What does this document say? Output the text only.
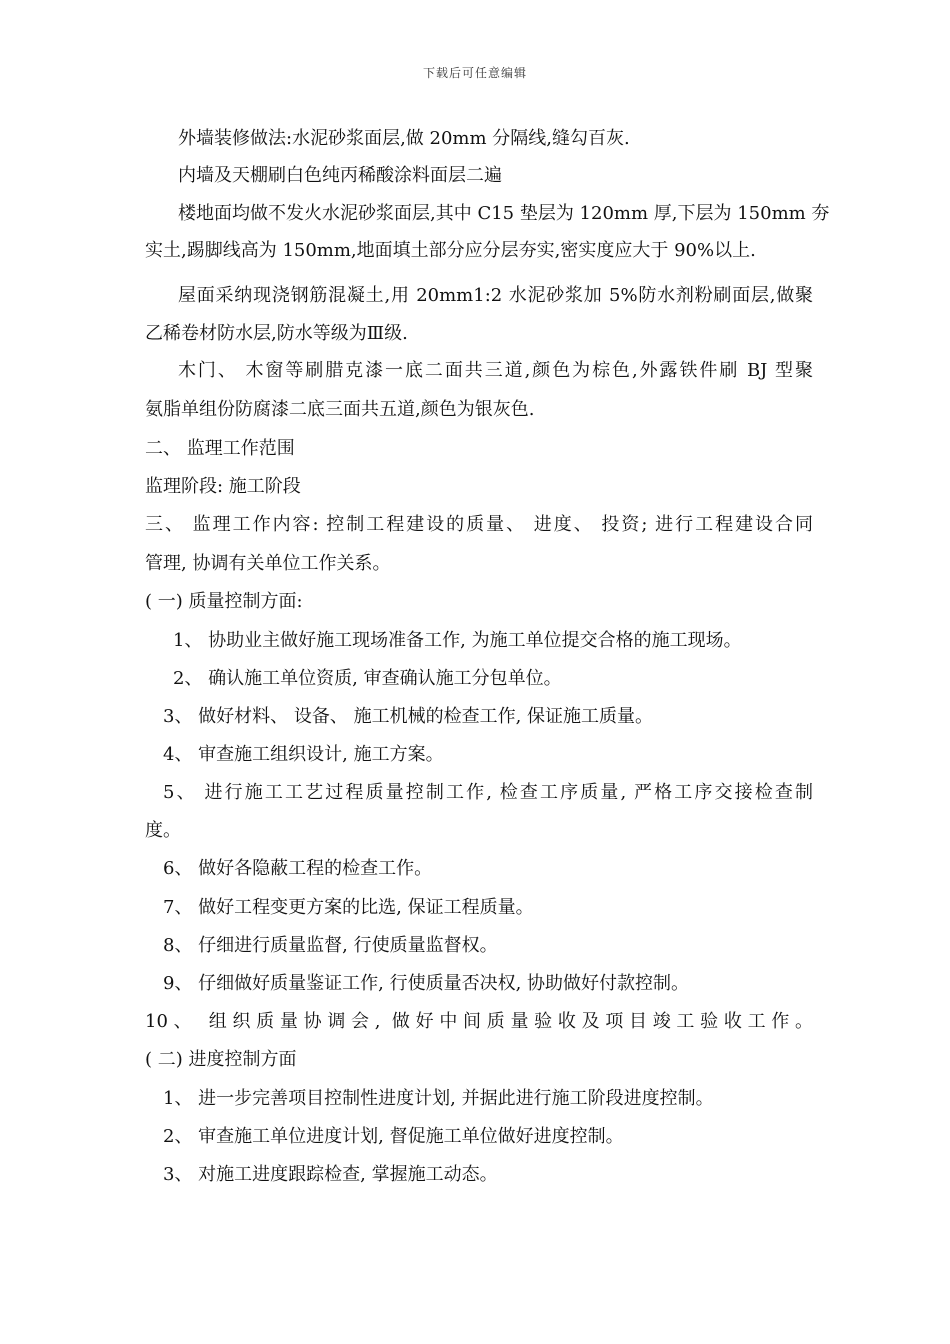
下载后可任意编辑
外墙装修做法:水泥砂浆面层,做 20mm 分隔线,缝勾百灰.
内墙及天棚刷白色纯丙稀酸涂料面层二遍
楼地面均做不发火水泥砂浆面层,其中 C15 垫层为 120mm 厚,下层为 150mm 夯
实土,踢脚线高为 150mm,地面填土部分应分层夯实,密实度应大于 90%以上.
屋面采纳现浇钢筋混凝土,用 20mm1:2 水泥砂浆加 5%防水剂粉刷面层,做聚
乙稀卷材防水层,防水等级为Ⅲ级.
木门、 木窗等刷腊克漆一底二面共三道,颜色为棕色,外露铁件刷 BJ 型聚
氨脂单组份防腐漆二底三面共五道,颜色为银灰色.
二、 监理工作范围
监理阶段: 施工阶段
三、 监理工作内容: 控制工程建设的质量、 进度、 投资; 进行工程建设合同
管理, 协调有关单位工作关系。
( 一) 质量控制方面:
1、 协助业主做好施工现场准备工作, 为施工单位提交合格的施工现场。
2、 确认施工单位资质, 审查确认施工分包单位。
3、 做好材料、 设备、 施工机械的检查工作, 保证施工质量。
4、 审查施工组织设计, 施工方案。
5、 进行施工工艺过程质量控制工作, 检查工序质量, 严格工序交接检查制
度。
6、 做好各隐蔽工程的检查工作。
7、 做好工程变更方案的比选, 保证工程质量。
8、 仔细进行质量监督, 行使质量监督权。
9、 仔细做好质量鉴证工作, 行使质量否决权, 协助做好付款控制。
10、 组织质量协调会, 做好中间质量验收及项目竣工验收工作。
( 二) 进度控制方面
1、 进一步完善项目控制性进度计划, 并据此进行施工阶段进度控制。
2、 审查施工单位进度计划, 督促施工单位做好进度控制。
3、 对施工进度跟踪检查, 掌握施工动态。
